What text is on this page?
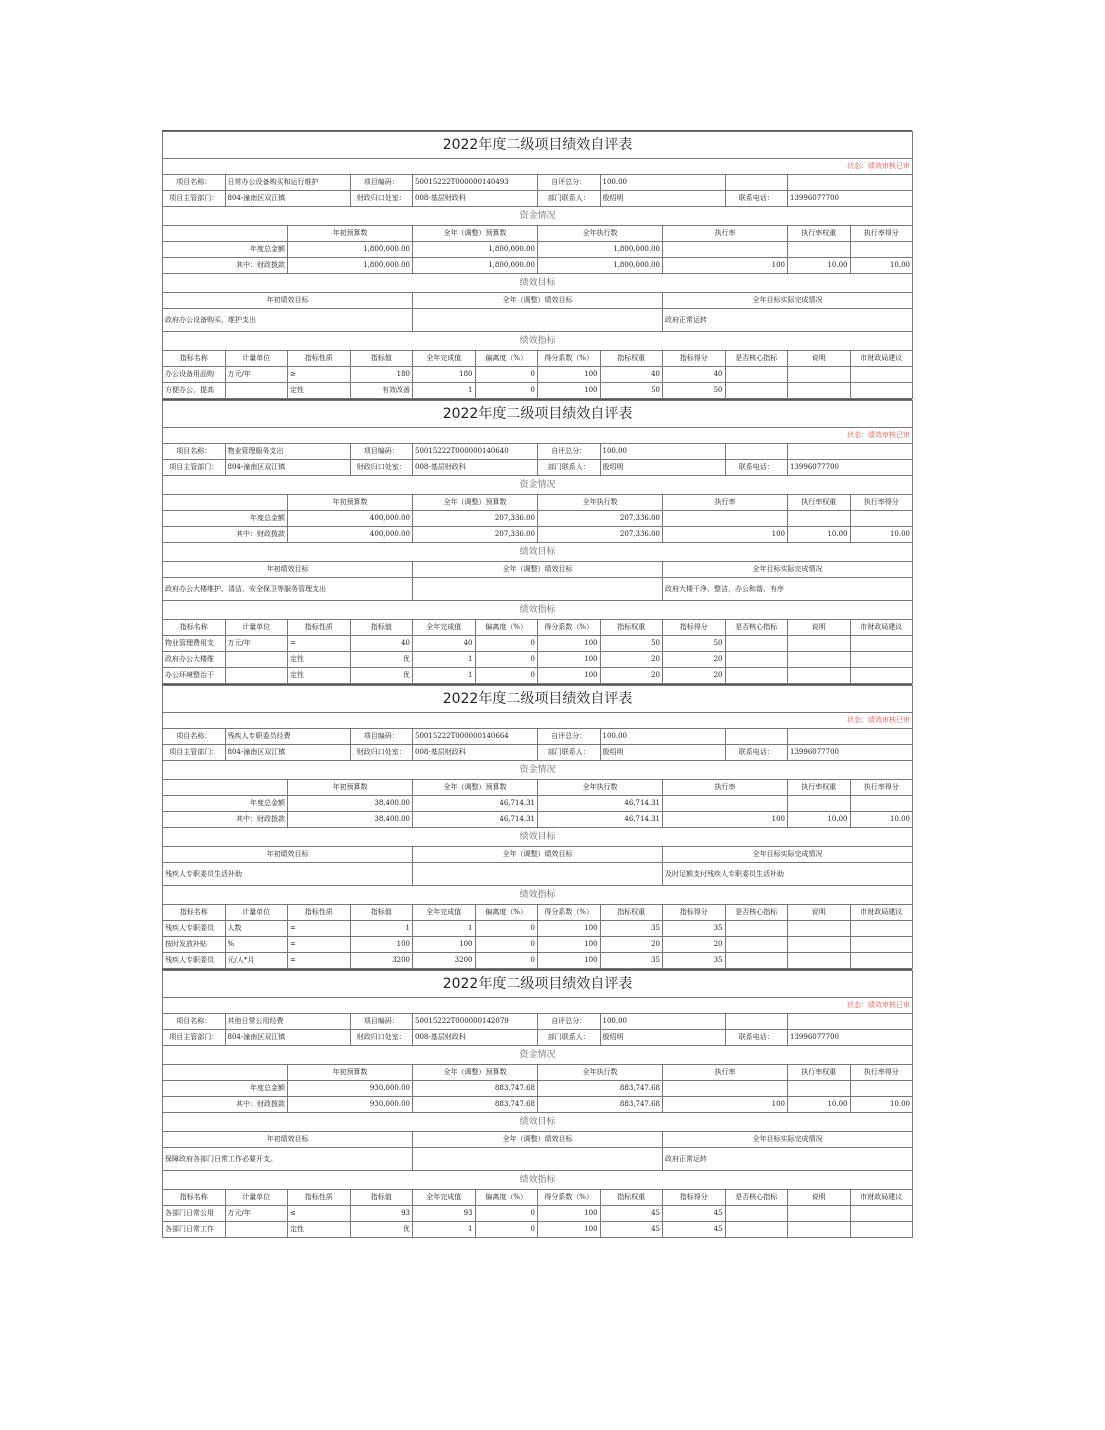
2022年度二级项目绩效自评表											
状态：绩效审核已审											
项目名称：	日常办公设备购买和运行维护		项目编码：	50015222T000000140493		自评总分：	100.00				
项目主管部门：	804-潼南区双江镇		财政归口处室：	008-基层财政科		部门联系人：	殷绍明		联系电话：	13996077700	
资金情况											
		年初预算数		全年（调整）预算数		全年执行数		执行率		执行率权重	执行率得分
年度总金额		1,800,000.00		1,800,000.00		1,800,000.00					
其中：财政拨款		1,800,000.00		1,800,000.00		1,800,000.00		100		10.00	10.00
绩效目标											
年初绩效目标				全年（调整）绩效目标				全年目标实际完成情况			
政府办公设备购买、维护支出								政府正常运转			
绩效指标											
指标名称	计量单位	指标性质	指标值	全年完成值	偏离度（%）	得分系数（%）	指标权重	指标得分	是否核心指标	说明	市财政局建议
办公设备用品购	万元/年	≥	180	180	0	100	40	40			
方便办公，提高		定性	有效改善	1	0	100	50	50			
2022年度二级项目绩效自评表											
状态：绩效审核已审											
项目名称：	物业管理服务支出		项目编码：	50015222T000000140640		自评总分：	100.00				
项目主管部门：	804-潼南区双江镇		财政归口处室：	008-基层财政科		部门联系人：	殷绍明		联系电话：	13996077700	
资金情况											
		年初预算数		全年（调整）预算数		全年执行数		执行率		执行率权重	执行率得分
年度总金额		400,000.00		207,336.00		207,336.00					
其中：财政拨款		400,000.00		207,336.00		207,336.00		100		10.00	10.00
绩效目标											
年初绩效目标				全年（调整）绩效目标				全年目标实际完成情况			
政府办公大楼维护、清洁、安全保卫等服务管理支出								政府大楼干净、整洁，办公和谐、有序			
绩效指标											
指标名称	计量单位	指标性质	指标值	全年完成值	偏离度（%）	得分系数（%）	指标权重	指标得分	是否核心指标	说明	市财政局建议
物业管理费用支	万元/年	=	40	40	0	100	50	50			
政府办公大楼维		定性	优	1	0	100	20	20			
办公环境整治干		定性	优	1	0	100	20	20			
2022年度二级项目绩效自评表											
状态：绩效审核已审											
项目名称：	残疾人专职委员经费		项目编码：	50015222T000000140664		自评总分：	100.00				
项目主管部门：	804-潼南区双江镇		财政归口处室：	008-基层财政科		部门联系人：	殷绍明		联系电话：	13996077700	
资金情况											
		年初预算数		全年（调整）预算数		全年执行数		执行率		执行率权重	执行率得分
年度总金额		38,400.00		46,714.31		46,714.31					
其中：财政拨款		38,400.00		46,714.31		46,714.31		100		10.00	10.00
绩效目标											
年初绩效目标				全年（调整）绩效目标				全年目标实际完成情况			
残疾人专职委员生活补助								及时足额支付残疾人专职委员生活补助			
绩效指标											
指标名称	计量单位	指标性质	指标值	全年完成值	偏离度（%）	得分系数（%）	指标权重	指标得分	是否核心指标	说明	市财政局建议
残疾人专职委员	人数	=	1	1	0	100	35	35			
按时发放补贴	%	=	100	100	0	100	20	20			
残疾人专职委员	元/人*月	=	3200	3200	0	100	35	35			
2022年度二级项目绩效自评表											
状态：绩效审核已审											
项目名称：	其他日常公用经费		项目编码：	50015222T000000142079		自评总分：	100.00				
项目主管部门：	804-潼南区双江镇		财政归口处室：	008-基层财政科		部门联系人：	殷绍明		联系电话：	13996077700	
资金情况											
		年初预算数		全年（调整）预算数		全年执行数		执行率		执行率权重	执行率得分
年度总金额		930,000.00		883,747.68		883,747.68					
其中：财政拨款		930,000.00		883,747.68		883,747.68		100		10.00	10.00
绩效目标											
年初绩效目标				全年（调整）绩效目标				全年目标实际完成情况			
保障政府各部门日常工作必要开支。								政府正常运转			
绩效指标											
指标名称	计量单位	指标性质	指标值	全年完成值	偏离度（%）	得分系数（%）	指标权重	指标得分	是否核心指标	说明	市财政局建议
各部门日常公用	万元/年	≤	93	93	0	100	45	45			
各部门日常工作		定性	优	1	0	100	45	45			
